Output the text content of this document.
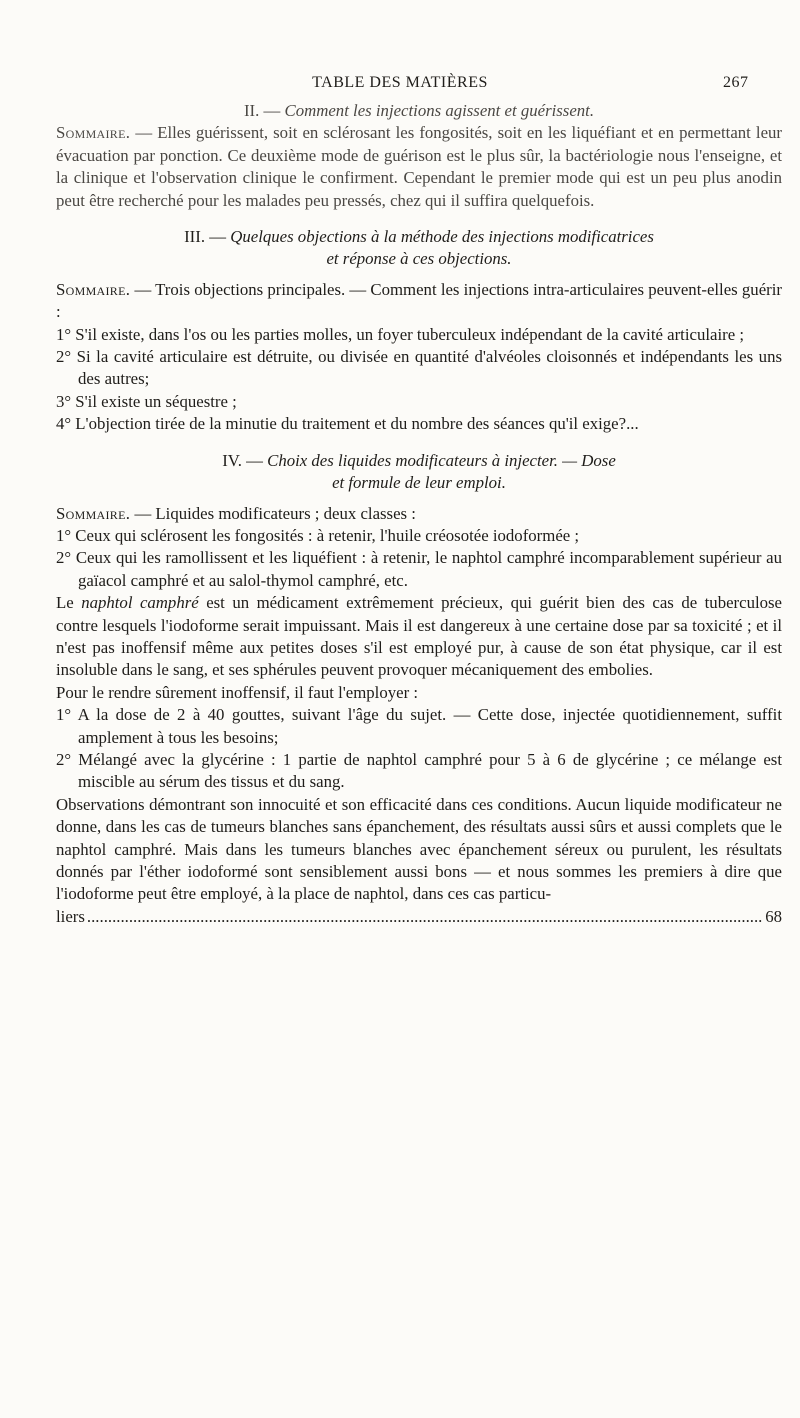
TABLE DES MATIÈRES	267
II. — Comment les injections agissent et guérissent.

Sommaire. — Elles guérissent, soit en sclérosant les fongosités, soit en les liquéfiant et en permettant leur évacuation par ponction. Ce deuxième mode de guérison est le plus sûr, la bactériologie nous l'enseigne, et la clinique et l'observation clinique le confirment. Cependant le premier mode qui est un peu plus anodin peut être recherché pour les malades peu pressés, chez qui il suffira quelquefois.

III. — Quelques objections à la méthode des injections modificatrices
et réponse à ces objections.

Sommaire. — Trois objections principales. — Comment les injections intra-articulaires peuvent-elles guérir :

1° S'il existe, dans l'os ou les parties molles, un foyer tuberculeux indépendant de la cavité articulaire ;

2° Si la cavité articulaire est détruite, ou divisée en quantité d'alvéoles cloisonnés et indépendants les uns des autres;

3° S'il existe un séquestre ;

4° L'objection tirée de la minutie du traitement et du nombre des séances qu'il exige?...

IV. — Choix des liquides modificateurs à injecter. — Dose
et formule de leur emploi.

Sommaire. — Liquides modificateurs ; deux classes :

1° Ceux qui sclérosent les fongosités : à retenir, l'huile créosotée iodoformée ;

2° Ceux qui les ramollissent et les liquéfient : à retenir, le naphtol camphré incomparablement supérieur au gaïacol camphré et au salol-thymol camphré, etc.

Le naphtol camphré est un médicament extrêmement précieux, qui guérit bien des cas de tuberculose contre lesquels l'iodoforme serait impuissant. Mais il est dangereux à une certaine dose par sa toxicité ; et il n'est pas inoffensif même aux petites doses s'il est employé pur, à cause de son état physique, car il est insoluble dans le sang, et ses sphérules peuvent provoquer mécaniquement des embolies.

Pour le rendre sûrement inoffensif, il faut l'employer :

1° A la dose de 2 à 40 gouttes, suivant l'âge du sujet. — Cette dose, injectée quotidiennement, suffit amplement à tous les besoins;

2° Mélangé avec la glycérine : 1 partie de naphtol camphré pour 5 à 6 de glycérine ; ce mélange est miscible au sérum des tissus et du sang.

Observations démontrant son innocuité et son efficacité dans ces conditions. Aucun liquide modificateur ne donne, dans les cas de tumeurs blanches sans épanchement, des résultats aussi sûrs et aussi complets que le naphtol camphré. Mais dans les tumeurs blanches avec épanchement séreux ou purulent, les résultats donnés par l'éther iodoformé sont sensiblement aussi bons — et nous sommes les premiers à dire que l'iodoforme peut être employé, à la place de naphtol, dans ces cas particu-

liers
.....	68
